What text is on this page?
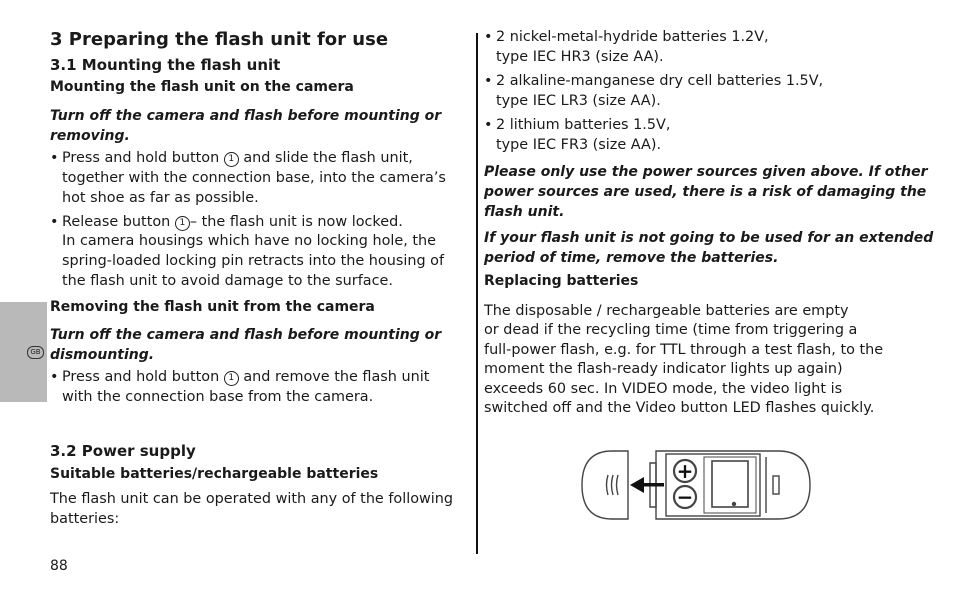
GB
3 Preparing the flash unit for use
3.1 Mounting the flash unit
Mounting the flash unit on the camera
Turn off the camera and flash before mounting or
removing.
• Press and hold button 1 and slide the flash unit,
together with the connection base, into the camera’s
hot shoe as far as possible.
• Release button 1 – the flash unit is now locked.
In camera housings which have no locking hole, the
spring-loaded locking pin retracts into the housing of
the flash unit to avoid damage to the surface.
Removing the flash unit from the camera
Turn off the camera and flash before mounting or
dismounting.
• Press and hold button 1 and remove the flash unit
with the connection base from the camera.
3.2 Power supply
Suitable batteries/rechargeable batteries
The flash unit can be operated with any of the following
batteries:
88
• 2 nickel-metal-hydride batteries 1.2V,
type IEC HR3 (size AA).
• 2 alkaline-manganese dry cell batteries 1.5V,
type IEC LR3 (size AA).
• 2 lithium batteries 1.5V,
type IEC FR3 (size AA).
Please only use the power sources given above. If other
power sources are used, there is a risk of damaging the
flash unit.
If your flash unit is not going to be used for an extended
period of time, remove the batteries.
Replacing batteries
The disposable / rechargeable batteries are empty
or dead if the recycling time (time from triggering a
full-power flash, e.g. for TTL through a test flash, to the
moment the flash-ready indicator lights up again)
exceeds 60 sec. In VIDEO mode, the video light is
switched off and the Video button LED flashes quickly.
+
−
